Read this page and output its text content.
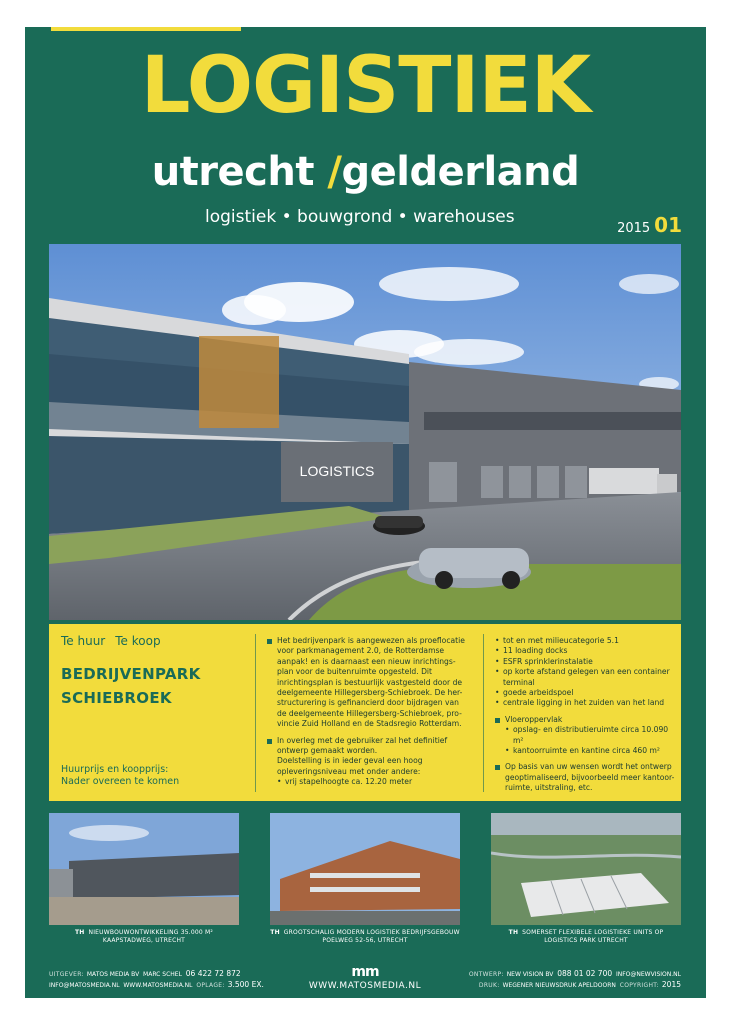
LOGISTIEK
utrecht /gelderland
logistiek • bouwgrond • warehouses
2015 01
LOGISTICS
Te huur Te koop
BEDRIJVENPARK
SCHIEBROEK
Huurprijs en koopprijs:
Nader overeen te komen
Het bedrijvenpark is aangewezen als proeflocatie voor parkmanagement 2.0, de Rotterdamse aanpak! en is daarnaast een nieuw inrichtings-plan voor de buitenruimte opgesteld. Dit inrichtingsplan is bestuurlijk vastgesteld door de deelgemeente Hillegersberg-Schiebroek. De her-structurering is gefinancierd door bijdragen van de deelgemeente Hillegersberg-Schiebroek, pro-vincie Zuid Holland en de Stadsregio Rotterdam.
In overleg met de gebruiker zal het definitief ontwerp gemaakt worden.
Doelstelling is in ieder geval een hoog opleveringsniveau met onder andere:
• vrij stapelhoogte ca. 12.20 meter
• tot en met milieucategorie 5.1
• 11 loading docks
• ESFR sprinklerinstalatie
• op korte afstand gelegen van een container terminal
• goede arbeidspoel
• centrale ligging in het zuiden van het land
Vloeroppervlak
• opslag- en distributieruimte circa 10.090 m²
• kantoorruimte en kantine circa 460 m²
Op basis van uw wensen wordt het ontwerp geoptimaliseerd, bijvoorbeeld meer kantoor-ruimte, uitstraling, etc.
TH NIEUWBOUWONTWIKKELING 35.000 M²
KAAPSTADWEG, UTRECHT
TH GROOTSCHALIG MODERN LOGISTIEK BEDRIJFSGEBOUW
POELWEG 52-56, UTRECHT
TH SOMERSET FLEXIBELE LOGISTIEKE UNITS OP
LOGISTICS PARK UTRECHT
UITGEVER: MATOS MEDIA BV MARC SCHEL 06 422 72 872
INFO@MATOSMEDIA.NL WWW.MATOSMEDIA.NL OPLAGE: 3.500 EX.
mm
WWW.MATOSMEDIA.NL
ONTWERP: NEW VISION BV 088 01 02 700 INFO@NEWVISION.NL
DRUK: WEGENER NIEUWSDRUK APELDOORN COPYRIGHT: 2015
